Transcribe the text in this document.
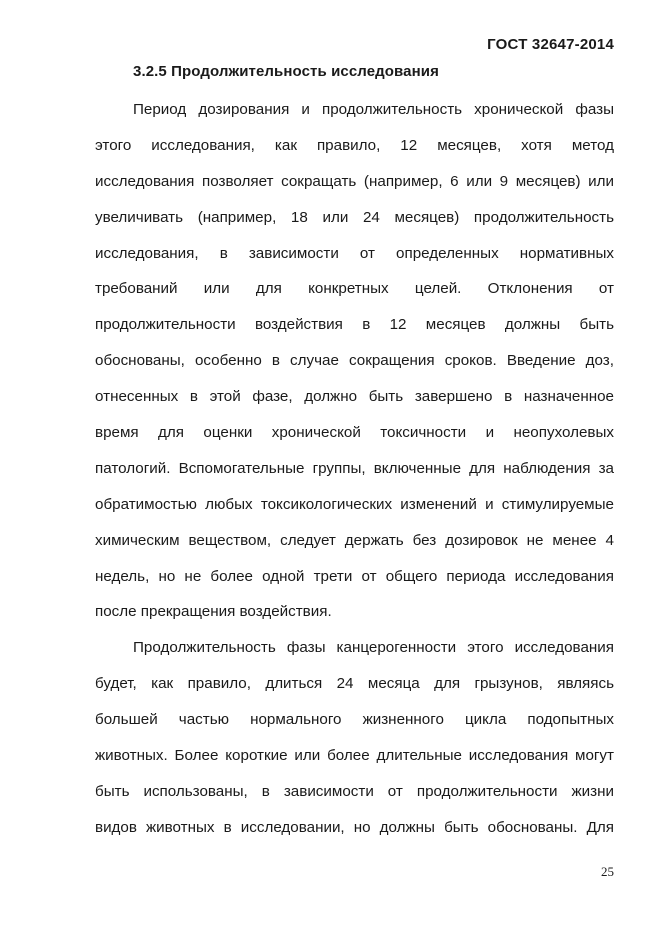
ГОСТ 32647-2014
3.2.5 Продолжительность исследования
Период дозирования и продолжительность хронической фазы
этого исследования, как правило, 12 месяцев, хотя метод
исследования позволяет сокращать (например, 6 или 9 месяцев) или
увеличивать (например, 18 или 24 месяцев) продолжительность
исследования, в зависимости от определенных нормативных
требований или для конкретных целей. Отклонения от
продолжительности воздействия в 12 месяцев должны быть
обоснованы, особенно в случае сокращения сроков. Введение доз,
отнесенных в этой фазе, должно быть завершено в назначенное
время для оценки хронической токсичности и неопухолевых
патологий. Вспомогательные группы, включенные для наблюдения за
обратимостью любых токсикологических изменений и стимулируемые
химическим веществом, следует держать без дозировок не менее 4
недель, но не более одной трети от общего периода исследования
после прекращения воздействия.
Продолжительность фазы канцерогенности этого исследования
будет, как правило, длиться 24 месяца для грызунов, являясь
большей частью нормального жизненного цикла подопытных
животных. Более короткие или более длительные исследования могут
быть использованы, в зависимости от продолжительности жизни
видов животных в исследовании, но должны быть обоснованы. Для
25
